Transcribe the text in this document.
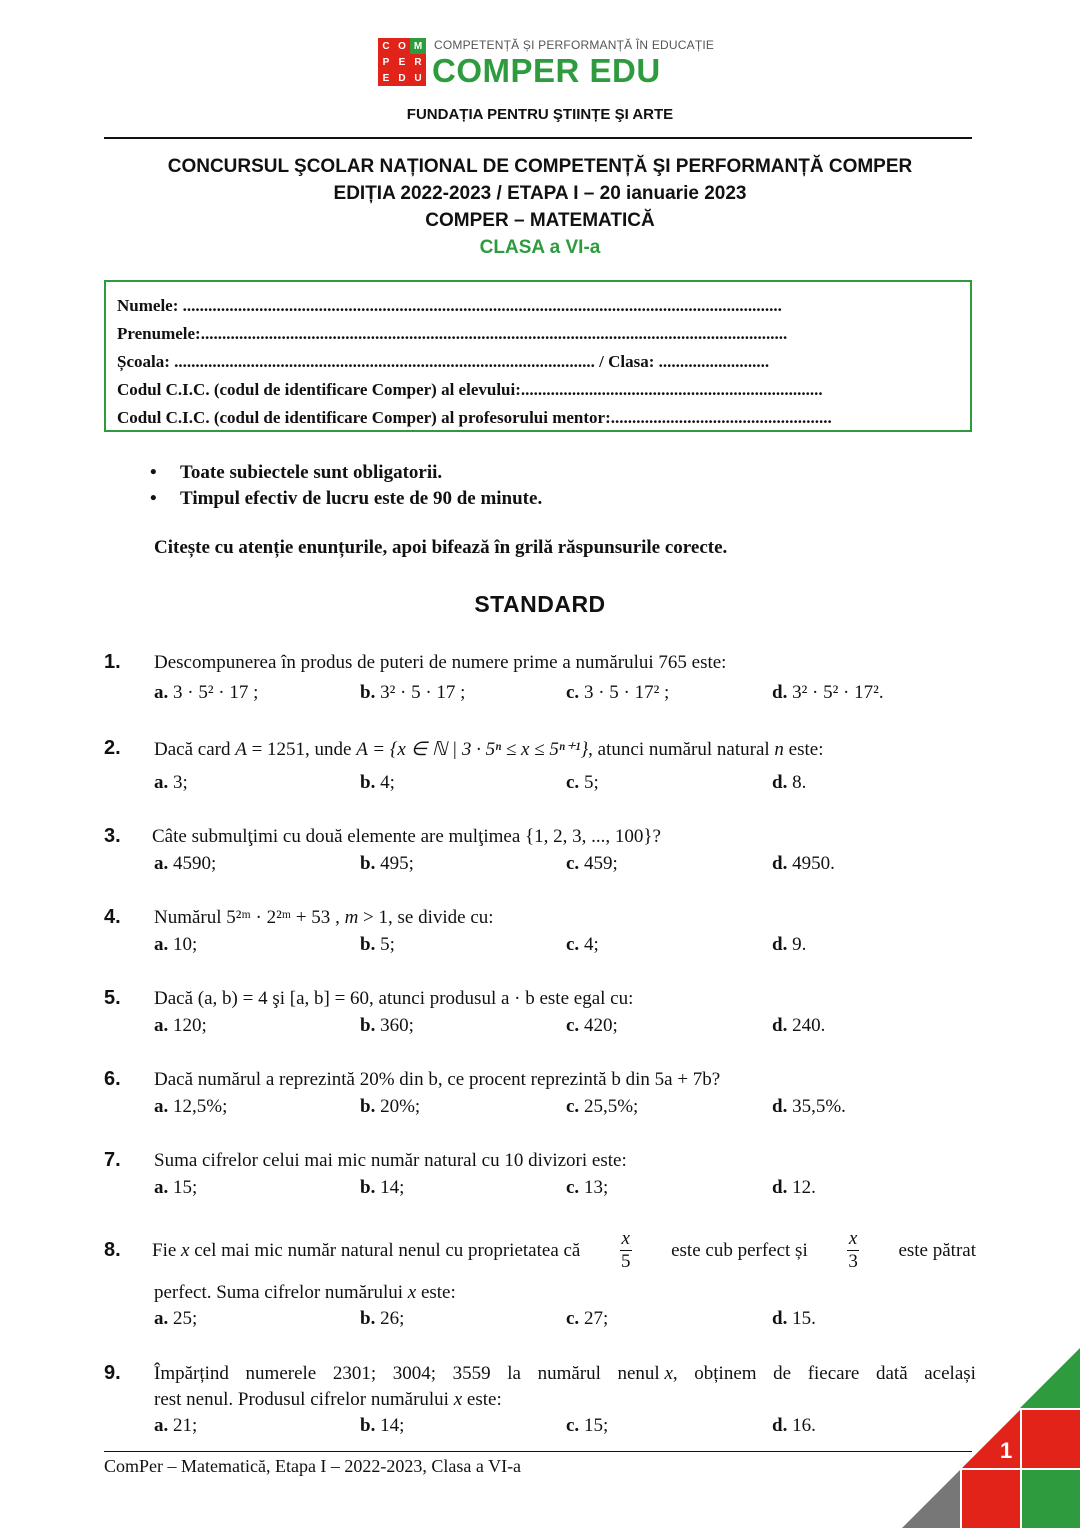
C O M
P E R
E D U
COMPETENȚĂ ȘI PERFORMANȚĂ ÎN EDUCAȚIE
COMPER EDU
FUNDAȚIA PENTRU ŞTIINȚE ŞI ARTE
CONCURSUL ŞCOLAR NAȚIONAL DE COMPETENȚĂ ŞI PERFORMANȚĂ COMPER
EDIȚIA 2022-2023 / ETAPA I – 20 ianuarie 2023
COMPER – MATEMATICĂ
CLASA a VI-a
Numele: .............................................................................................................................................
Prenumele:..........................................................................................................................................
Școala: ................................................................................................... / Clasa: ..........................
Codul C.I.C. (codul de identificare Comper) al elevului:.......................................................................
Codul C.I.C. (codul de identificare Comper) al profesorului mentor:....................................................
• Toate subiectele sunt obligatorii.
• Timpul efectiv de lucru este de 90 de minute.
Citește cu atenție enunțurile, apoi bifează în grilă răspunsurile corecte.
STANDARD
1. Descompunerea în produs de puteri de numere prime a numărului 765 este:
a. 3 · 5² · 17 ;	b. 3² · 5 · 17 ;	c. 3 · 5 · 17² ;	d. 3² · 5² · 17².
2. Dacă card A = 1251, unde A = {x ∈ ℕ | 3 · 5ⁿ ≤ x ≤ 5ⁿ⁺¹}, atunci numărul natural n este:
a. 3;	b. 4;	c. 5;	d. 8.
3. Câte submulţimi cu două elemente are mulţimea {1, 2, 3, ..., 100}?
a. 4590;	b. 495;	c. 459;	d. 4950.
4. Numărul 5²ᵐ · 2²ᵐ + 53 , m > 1, se divide cu:
a. 10;	b. 5;	c. 4;	d. 9.
5. Dacă (a, b) = 4 şi [a, b] = 60, atunci produsul a · b este egal cu:
a. 120;	b. 360;	c. 420;	d. 240.
6. Dacă numărul a reprezintă 20% din b, ce procent reprezintă b din 5a + 7b?
a. 12,5%;	b. 20%;	c. 25,5%;	d. 35,5%.
7. Suma cifrelor celui mai mic număr natural cu 10 divizori este:
a. 15;	b. 14;	c. 13;	d. 12.
8. Fie x cel mai mic număr natural nenul cu proprietatea că $\frac{x}{5}$ este cub perfect și $\frac{x}{3}$ este pătrat
perfect. Suma cifrelor numărului x este:
a. 25;	b. 26;	c. 27;	d. 15.
9. Împărțind numerele 2301; 3004; 3559 la numărul nenul x, obținem de fiecare dată același
rest nenul. Produsul cifrelor numărului x este:
a. 21;	b. 14;	c. 15;	d. 16.
ComPer – Matematică, Etapa I – 2022-2023, Clasa a VI-a
1
